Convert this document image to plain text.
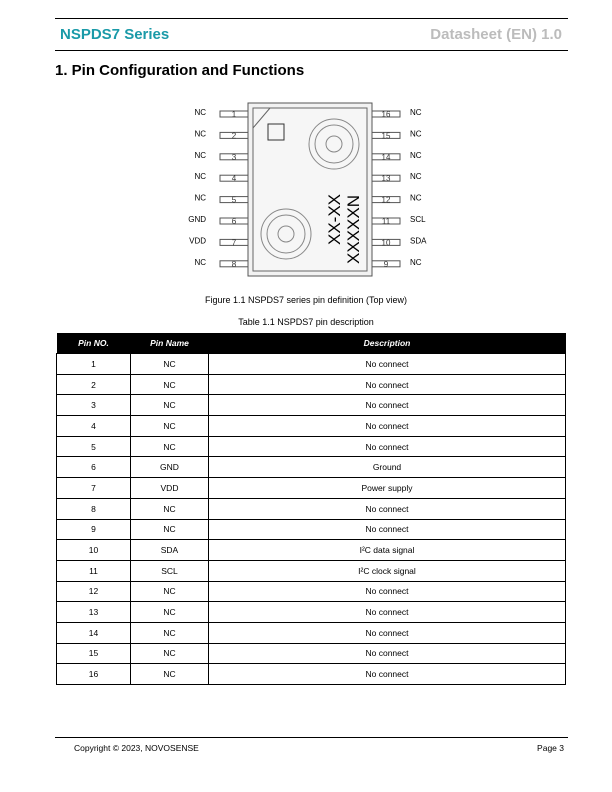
NSPDS7 Series	Datasheet (EN) 1.0
1. Pin Configuration and Functions
XX-XX XXXXXN
1
NC
2
NC
3
NC
4
NC
5
NC
6
GND
7
VDD
8
NC
16 NC
15 NC
14 NC
13 NC
12 NC
11 SCL
10 SDA
9	NC
Figure 1.1 NSPDS7 series pin definition (Top view)
Table 1.1 NSPDS7 pin description
Pin NO.	Pin Name	Description
1	NC	No connect
2	NC	No connect
3	NC	No connect
4	NC	No connect
5	NC	No connect
6	GND	Ground
7	VDD	Power supply
8	NC	No connect
9	NC	No connect
10	SDA	I²C data signal
11	SCL	I²C clock signal
12	NC	No connect
13	NC	No connect
14	NC	No connect
15	NC	No connect
16	NC	No connect
Copyright © 2023, NOVOSENSE	Page 3
